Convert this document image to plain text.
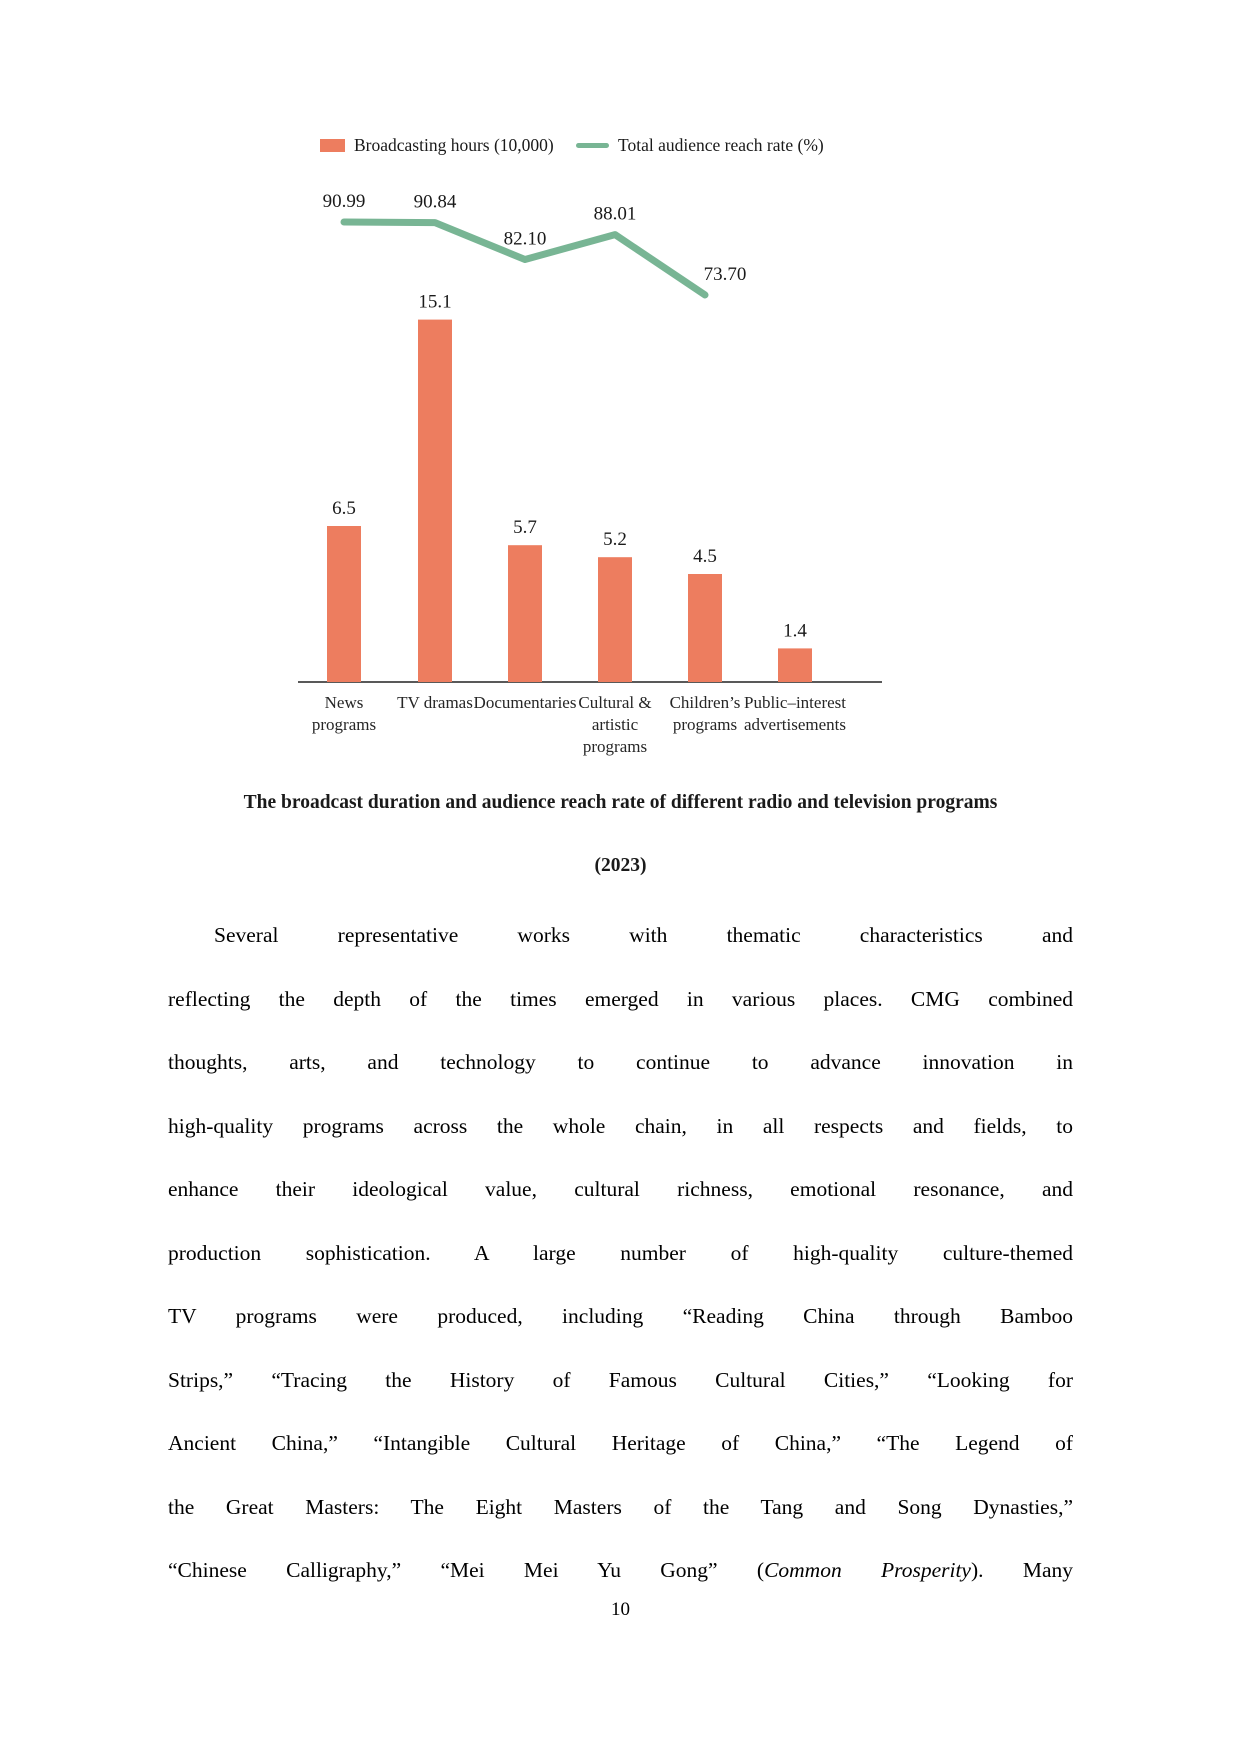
Broadcasting hours (10,000)	Total audience reach rate (%)
6.5
15.1
5.7
5.2
4.5
1.4
90.99	90.84
82.10
88.01
73.70
News programs
TV dramas Documentaries Cultural & artistic programs
Children’s programs
Public–interest advertisements
The broadcast duration and audience reach rate of different radio and television programs
(2023)
Several representative works with thematic characteristics and
reflecting the depth of the times emerged in various places. CMG combined
thoughts, arts, and technology to continue to advance innovation in
high-quality programs across the whole chain, in all respects and fields, to
enhance their ideological value, cultural richness, emotional resonance, and
production sophistication. A large number of high-quality culture-themed
TV programs were produced, including “Reading China through Bamboo
Strips,” “Tracing the History of Famous Cultural Cities,” “Looking for
Ancient China,” “Intangible Cultural Heritage of China,” “The Legend of
the Great Masters: The Eight Masters of the Tang and Song Dynasties,”
“Chinese Calligraphy,” “Mei Mei Yu Gong” (Common Prosperity). Many
10
